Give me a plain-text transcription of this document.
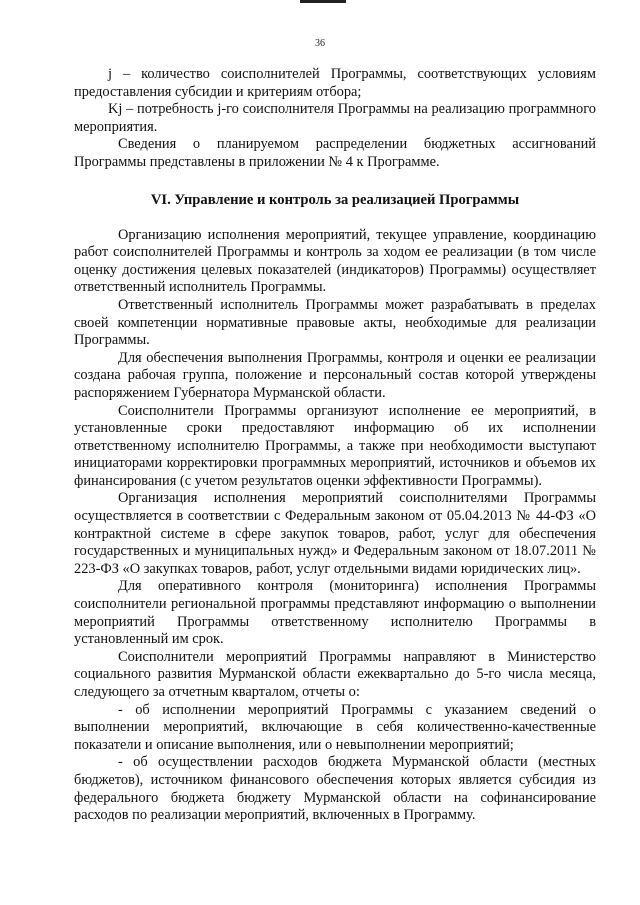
36

j – количество соисполнителей Программы, соответствующих условиям предоставления субсидии и критериям отбора;

Kj – потребность j-го соисполнителя Программы на реализацию программного мероприятия.

Сведения о планируемом распределении бюджетных ассигнований Программы представлены в приложении № 4 к Программе.

VI. Управление и контроль за реализацией Программы

Организацию исполнения мероприятий, текущее управление, координацию работ соисполнителей Программы и контроль за ходом ее реализации (в том числе оценку достижения целевых показателей (индикаторов) Программы) осуществляет ответственный исполнитель Программы.

Ответственный исполнитель Программы может разрабатывать в пределах своей компетенции нормативные правовые акты, необходимые для реализации Программы.

Для обеспечения выполнения Программы, контроля и оценки ее реализации создана рабочая группа, положение и персональный состав которой утверждены распоряжением Губернатора Мурманской области.

Соисполнители Программы организуют исполнение ее мероприятий, в установленные сроки предоставляют информацию об их исполнении ответственному исполнителю Программы, а также при необходимости выступают инициаторами корректировки программных мероприятий, источников и объемов их финансирования (с учетом результатов оценки эффективности Программы).

Организация исполнения мероприятий соисполнителями Программы осуществляется в соответствии с Федеральным законом от 05.04.2013 № 44-ФЗ «О контрактной системе в сфере закупок товаров, работ, услуг для обеспечения государственных и муниципальных нужд» и Федеральным законом от 18.07.2011 № 223-ФЗ «О закупках товаров, работ, услуг отдельными видами юридических лиц».

Для оперативного контроля (мониторинга) исполнения Программы соисполнители региональной программы представляют информацию о выполнении мероприятий Программы ответственному исполнителю Программы в установленный им срок.

Соисполнители мероприятий Программы направляют в Министерство социального развития Мурманской области ежеквартально до 5-го числа месяца, следующего за отчетным кварталом, отчеты о:

- об исполнении мероприятий Программы с указанием сведений о выполнении мероприятий, включающие в себя количественно-качественные показатели и описание выполнения, или о невыполнении мероприятий;

- об осуществлении расходов бюджета Мурманской области (местных бюджетов), источником финансового обеспечения которых является субсидия из федерального бюджета бюджету Мурманской области на софинансирование расходов по реализации мероприятий, включенных в Программу.
